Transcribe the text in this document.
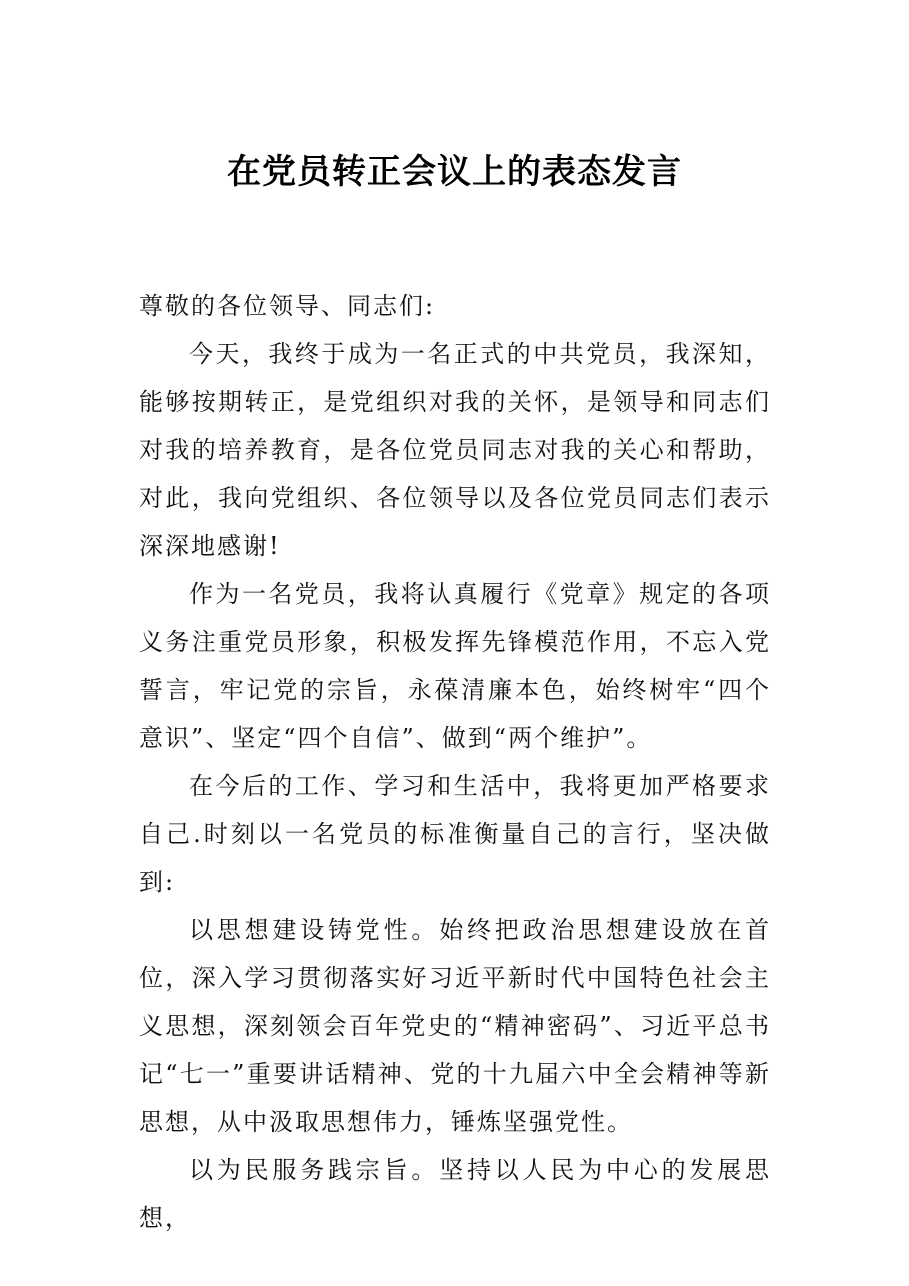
在党员转正会议上的表态发言

尊敬的各位领导、同志们:

今天，我终于成为一名正式的中共党员，我深知，能够按期转正，是党组织对我的关怀，是领导和同志们对我的培养教育，是各位党员同志对我的关心和帮助，对此，我向党组织、各位领导以及各位党员同志们表示深深地感谢!

作为一名党员，我将认真履行《党章》规定的各项义务注重党员形象，积极发挥先锋模范作用，不忘入党誓言，牢记党的宗旨，永葆清廉本色，始终树牢“四个意识”、坚定“四个自信”、做到“两个维护”。

在今后的工作、学习和生活中，我将更加严格要求自己.时刻以一名党员的标准衡量自己的言行，坚决做到:

以思想建设铸党性。始终把政治思想建设放在首位，深入学习贯彻落实好习近平新时代中国特色社会主义思想，深刻领会百年党史的“精神密码”、习近平总书记“七一”重要讲话精神、党的十九届六中全会精神等新思想，从中汲取思想伟力，锤炼坚强党性。

以为民服务践宗旨。坚持以人民为中心的发展思想，
